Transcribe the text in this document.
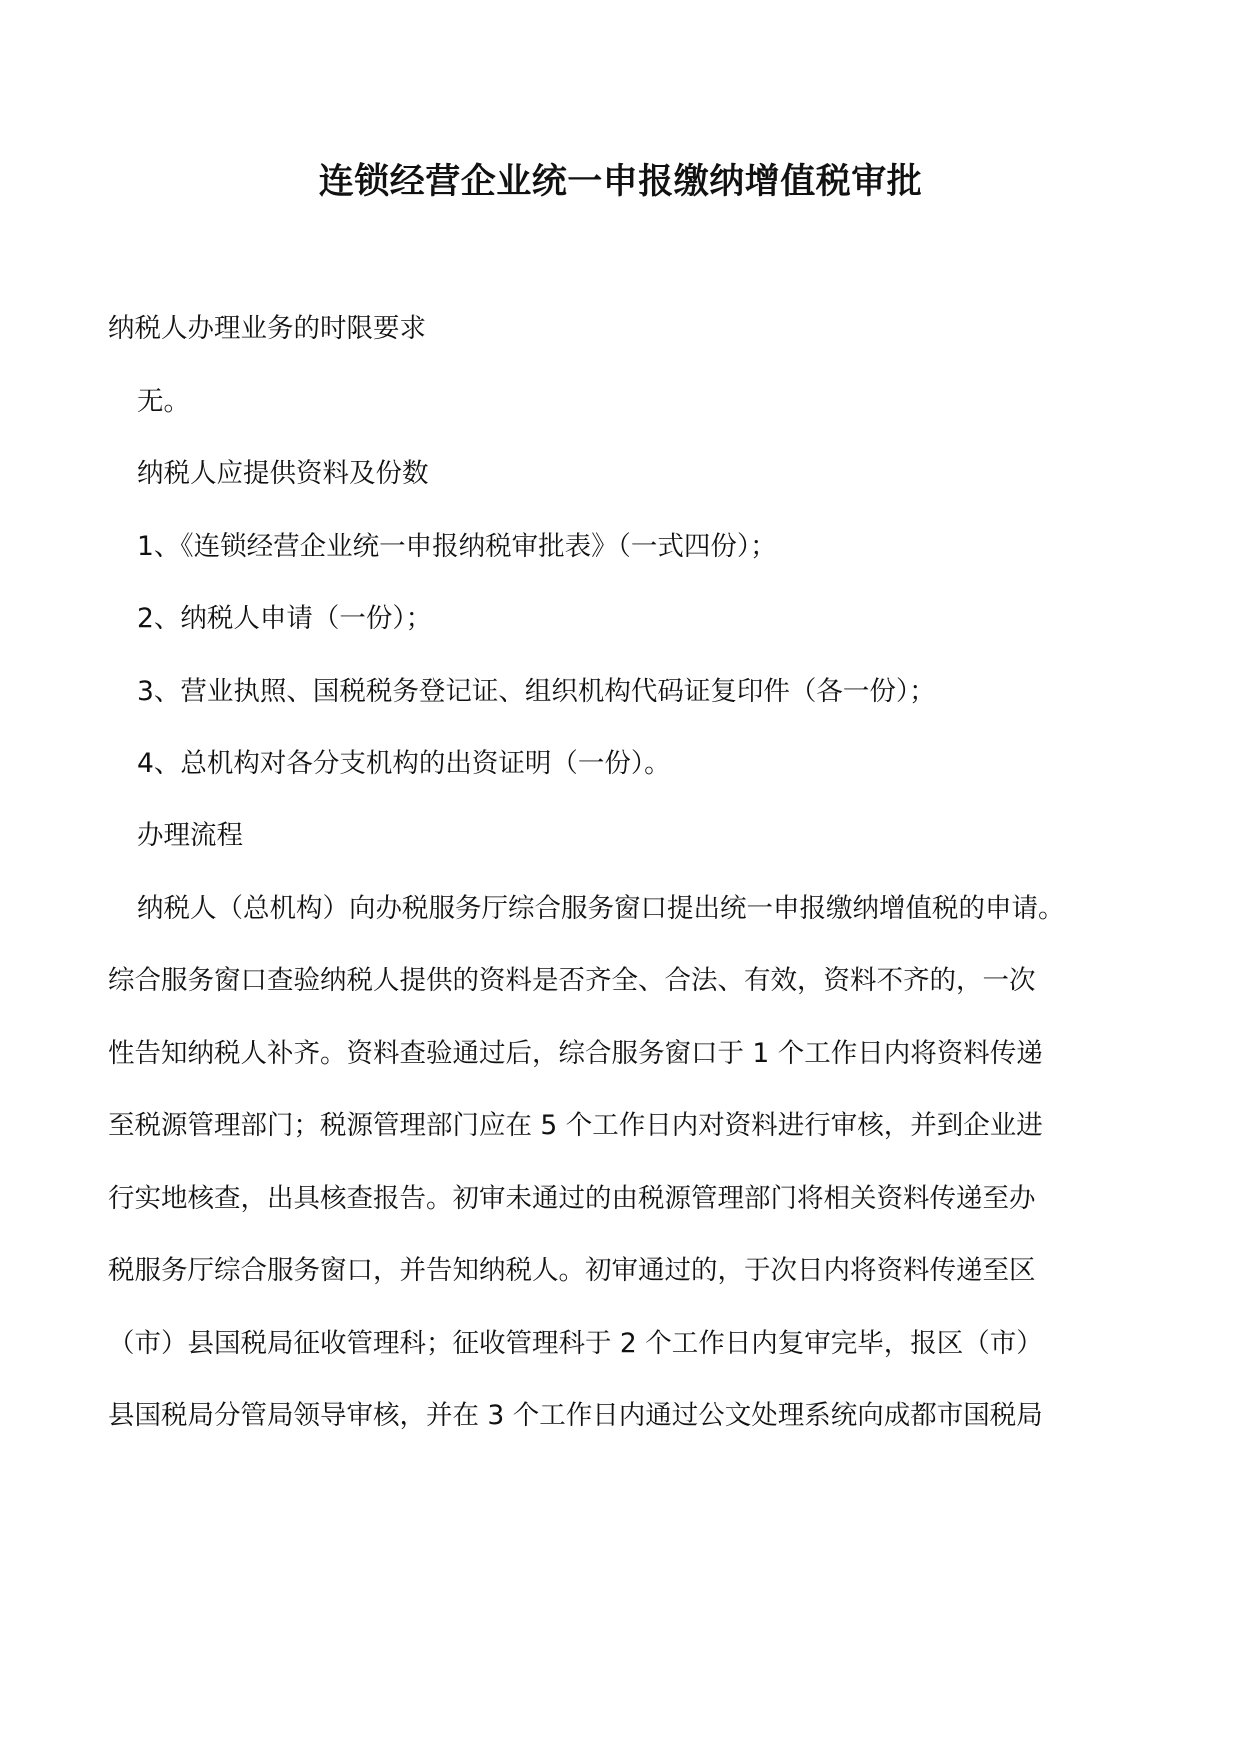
连锁经营企业统一申报缴纳增值税审批

纳税人办理业务的时限要求

无。

纳税人应提供资料及份数

1、《连锁经营企业统一申报纳税审批表》（一式四份）；

2、纳税人申请（一份）；

3、营业执照、国税税务登记证、组织机构代码证复印件（各一份）；

4、总机构对各分支机构的出资证明（一份）。

办理流程

纳税人（总机构）向办税服务厅综合服务窗口提出统一申报缴纳增值税的申请。

综合服务窗口查验纳税人提供的资料是否齐全、合法、有效，资料不齐的，一次

性告知纳税人补齐。资料查验通过后，综合服务窗口于 1 个工作日内将资料传递

至税源管理部门；税源管理部门应在 5 个工作日内对资料进行审核，并到企业进

行实地核查，出具核查报告。初审未通过的由税源管理部门将相关资料传递至办

税服务厅综合服务窗口，并告知纳税人。初审通过的，于次日内将资料传递至区

（市）县国税局征收管理科；征收管理科于 2 个工作日内复审完毕，报区（市）

县国税局分管局领导审核，并在 3 个工作日内通过公文处理系统向成都市国税局
